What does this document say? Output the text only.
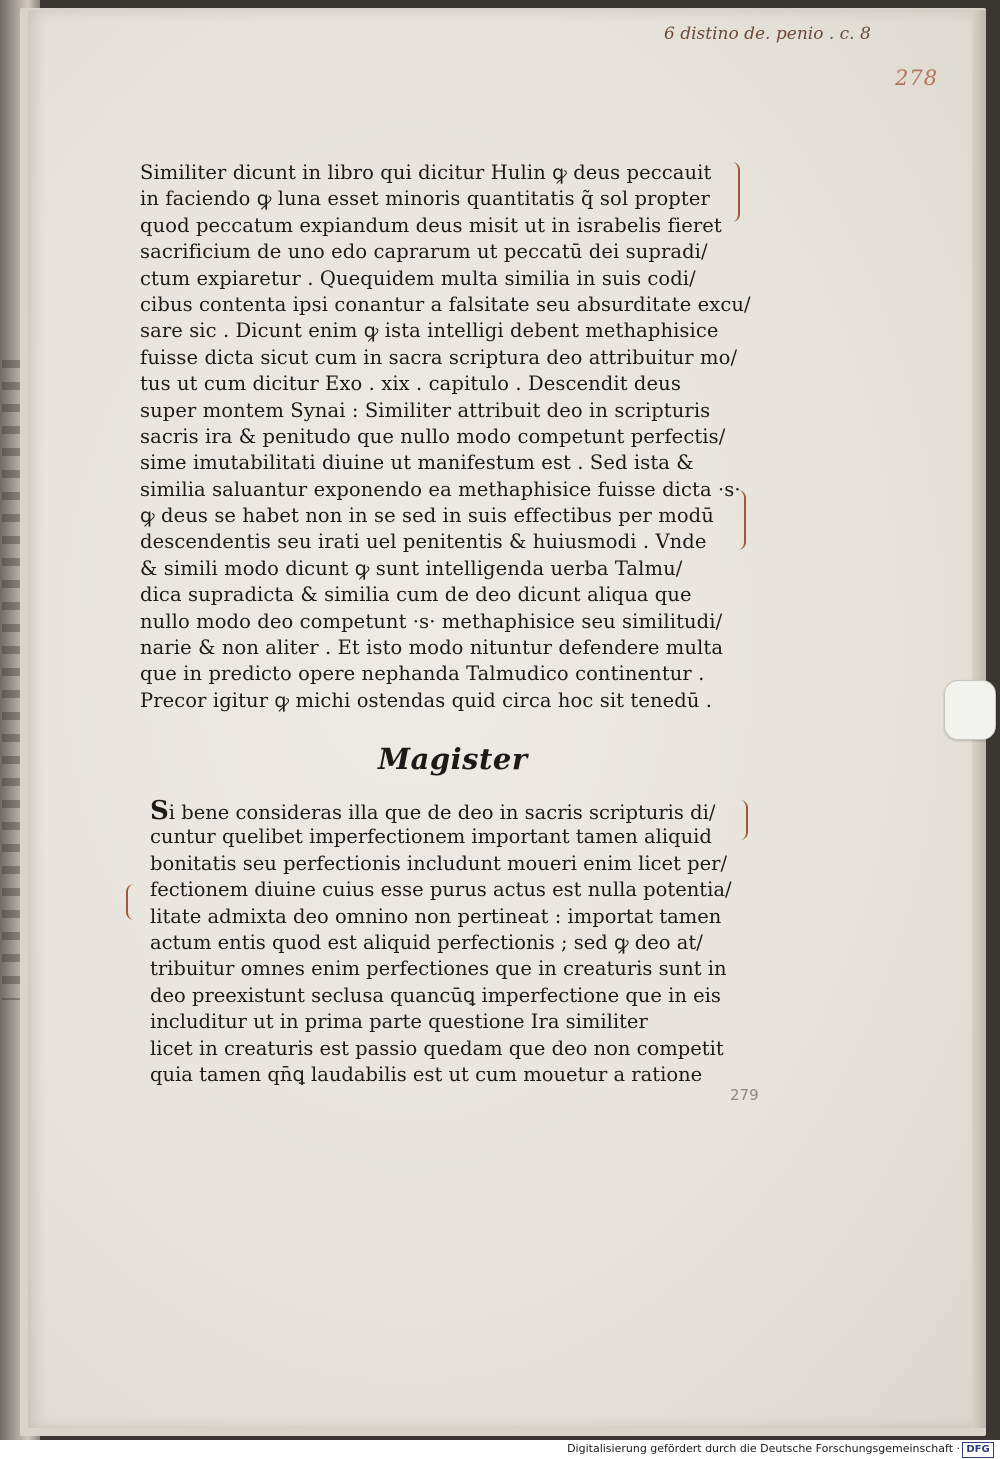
6 distino de. penio . c. 8
278
Similiter dicunt in libro qui dicitur Hulin ꝙ deus peccauit
in faciendo ꝙ luna esset minoris quantitatis q̃ sol propter
quod peccatum expiandum deus misit ut in israbelis fieret
sacrificium de uno edo caprarum ut peccatū dei supradi/
ctum expiaretur . Quequidem multa similia in suis codi/
cibus contenta ipsi conantur a falsitate seu absurditate excu/
sare sic . Dicunt enim ꝙ ista intelligi debent methaphisice
fuisse dicta sicut cum in sacra scriptura deo attribuitur mo/
tus ut cum dicitur Exo . xix . capitulo . Descendit deus
super montem Synai : Similiter attribuit deo in scripturis
sacris ira & penitudo que nullo modo competunt perfectis/
sime imutabilitati diuine ut manifestum est . Sed ista &
similia saluantur exponendo ea methaphisice fuisse dicta ·s·
ꝙ deus se habet non in se sed in suis effectibus per modū
descendentis seu irati uel penitentis & huiusmodi . Vnde
& simili modo dicunt ꝙ sunt intelligenda uerba Talmu/
dica supradicta & similia cum de deo dicunt aliqua que
nullo modo deo competunt ·s· methaphisice seu similitudi/
narie & non aliter . Et isto modo nituntur defendere multa
que in predicto opere nephanda Talmudico continentur .
Precor igitur ꝙ michi ostendas quid circa hoc sit tenedū .
Magister
Si bene consideras illa que de deo in sacris scripturis di/
cuntur quelibet imperfectionem important tamen aliquid
bonitatis seu perfectionis includunt moueri enim licet per/
fectionem diuine cuius esse purus actus est nulla potentia/
litate admixta deo omnino non pertineat : importat tamen
actum entis quod est aliquid perfectionis ; sed ꝙ deo at/
tribuitur omnes enim perfectiones que in creaturis sunt in
deo preexistunt seclusa quancūꝗ imperfectione que in eis
includitur ut in prima parte questione Ira similiter
licet in creaturis est passio quedam que deo non competit
quia tamen qn̄ꝗ laudabilis est ut cum mouetur a ratione
279
Digitalisierung gefördert durch die Deutsche Forschungsgemeinschaft · DFG
